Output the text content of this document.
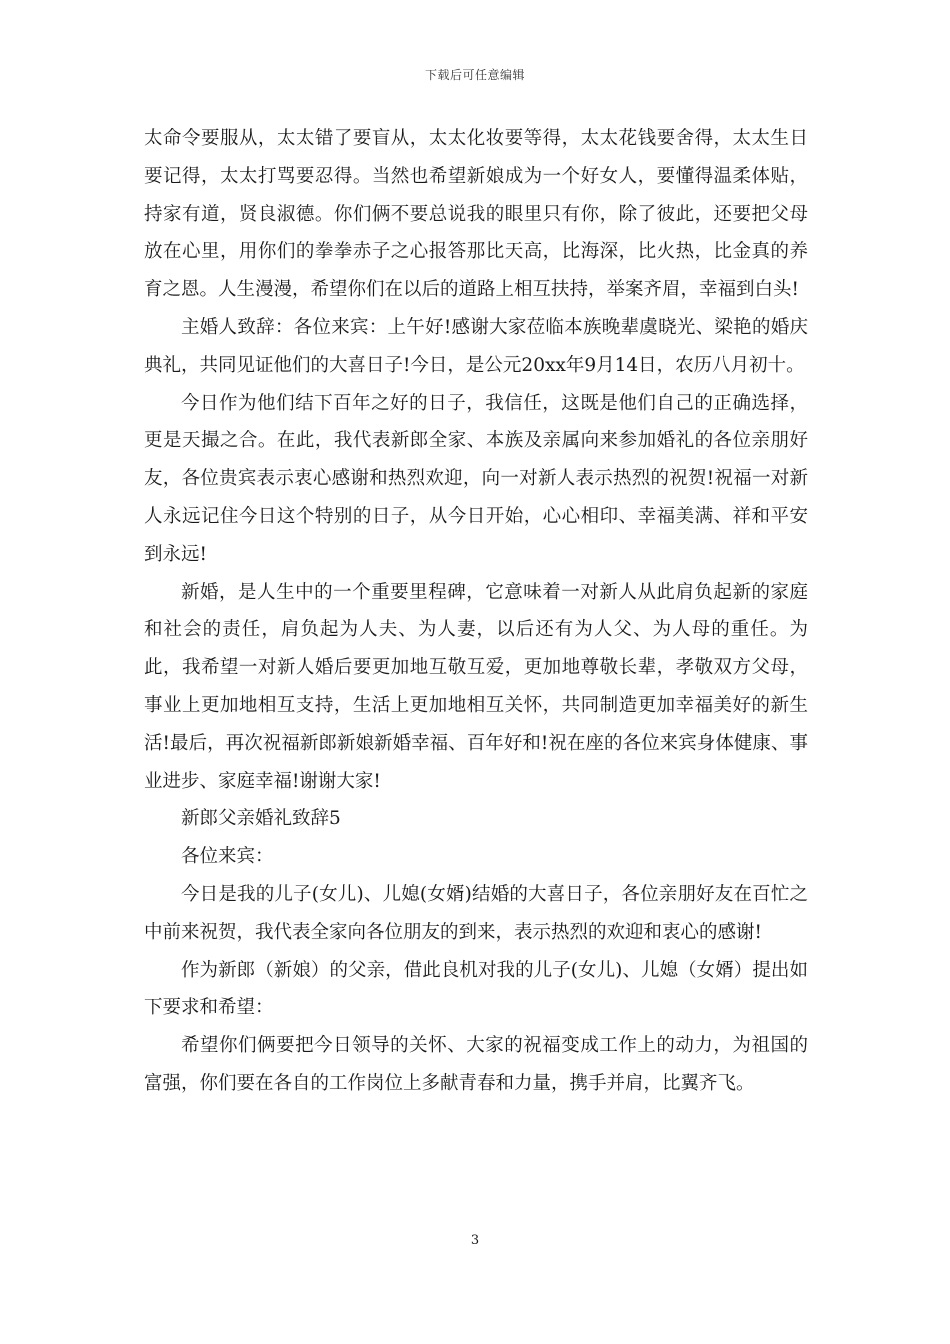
下载后可任意编辑

太命令要服从，太太错了要盲从，太太化妆要等得，太太花钱要舍得，太太生日要记得，太太打骂要忍得。当然也希望新娘成为一个好女人，要懂得温柔体贴，持家有道，贤良淑德。你们俩不要总说我的眼里只有你，除了彼此，还要把父母放在心里，用你们的拳拳赤子之心报答那比天高，比海深，比火热，比金真的养育之恩。人生漫漫，希望你们在以后的道路上相互扶持，举案齐眉，幸福到白头!

主婚人致辞：各位来宾：上午好!感谢大家莅临本族晚辈虞晓光、梁艳的婚庆典礼，共同见证他们的大喜日子!今日，是公元20xx年9月14日，农历八月初十。

今日作为他们结下百年之好的日子，我信任，这既是他们自己的正确选择，更是天撮之合。在此，我代表新郎全家、本族及亲属向来参加婚礼的各位亲朋好友，各位贵宾表示衷心感谢和热烈欢迎，向一对新人表示热烈的祝贺!祝福一对新人永远记住今日这个特别的日子，从今日开始，心心相印、幸福美满、祥和平安到永远!

新婚，是人生中的一个重要里程碑，它意味着一对新人从此肩负起新的家庭和社会的责任，肩负起为人夫、为人妻，以后还有为人父、为人母的重任。为此，我希望一对新人婚后要更加地互敬互爱，更加地尊敬长辈，孝敬双方父母，事业上更加地相互支持，生活上更加地相互关怀，共同制造更加幸福美好的新生活!最后，再次祝福新郎新娘新婚幸福、百年好和!祝在座的各位来宾身体健康、事业进步、家庭幸福!谢谢大家!

新郎父亲婚礼致辞5

各位来宾：

今日是我的儿子(女儿)、儿媳(女婿)结婚的大喜日子，各位亲朋好友在百忙之中前来祝贺，我代表全家向各位朋友的到来，表示热烈的欢迎和衷心的感谢!

作为新郎（新娘）的父亲，借此良机对我的儿子(女儿)、儿媳（女婿）提出如下要求和希望：

希望你们俩要把今日领导的关怀、大家的祝福变成工作上的动力，为祖国的富强，你们要在各自的工作岗位上多献青春和力量，携手并肩，比翼齐飞。

3
